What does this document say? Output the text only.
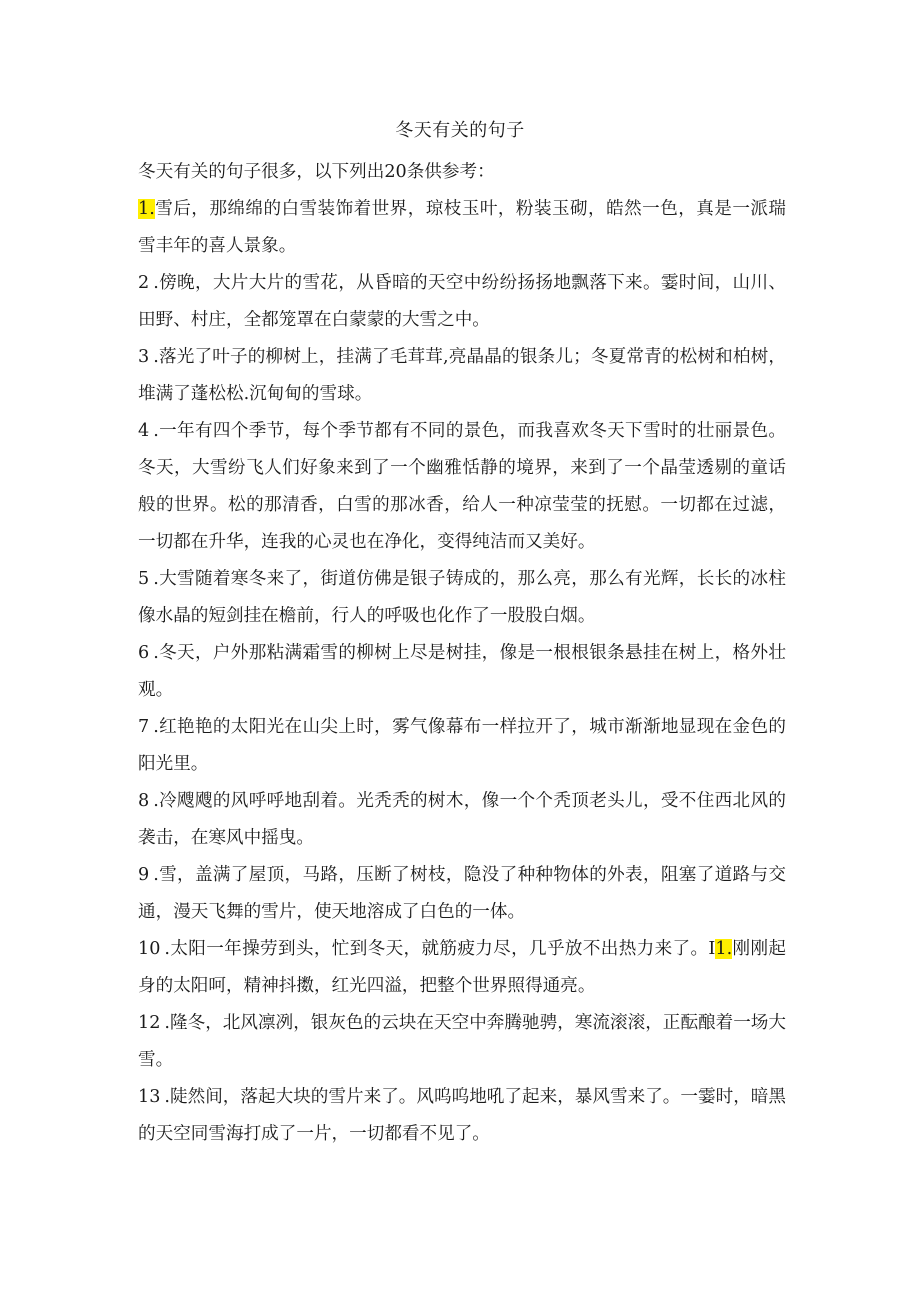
冬天有关的句子

冬天有关的句子很多，以下列出20条供参考：

1.雪后，那绵绵的白雪装饰着世界，琼枝玉叶，粉装玉砌，皓然一色，真是一派瑞雪丰年的喜人景象。

2 .傍晚，大片大片的雪花，从昏暗的天空中纷纷扬扬地飘落下来。霎时间，山川、田野、村庄，全都笼罩在白蒙蒙的大雪之中。

3 .落光了叶子的柳树上，挂满了毛茸茸,亮晶晶的银条儿；冬夏常青的松树和柏树，堆满了蓬松松.沉甸甸的雪球。

4 .一年有四个季节，每个季节都有不同的景色，而我喜欢冬天下雪时的壮丽景色。冬天，大雪纷飞人们好象来到了一个幽雅恬静的境界，来到了一个晶莹透剔的童话般的世界。松的那清香，白雪的那冰香，给人一种凉莹莹的抚慰。一切都在过滤，一切都在升华，连我的心灵也在净化，变得纯洁而又美好。

5 .大雪随着寒冬来了，街道仿佛是银子铸成的，那么亮，那么有光辉，长长的冰柱像水晶的短剑挂在檐前，行人的呼吸也化作了一股股白烟。

6 .冬天，户外那粘满霜雪的柳树上尽是树挂，像是一根根银条悬挂在树上，格外壮观。

7 .红艳艳的太阳光在山尖上时，雾气像幕布一样拉开了，城市渐渐地显现在金色的阳光里。

8 .冷飕飕的风呼呼地刮着。光秃秃的树木，像一个个秃顶老头儿，受不住西北风的袭击，在寒风中摇曳。

9 .雪，盖满了屋顶，马路，压断了树枝，隐没了种种物体的外表，阻塞了道路与交通，漫天飞舞的雪片，使天地溶成了白色的一体。

10 .太阳一年操劳到头，忙到冬天，就筋疲力尽，几乎放不出热力来了。I1.刚刚起身的太阳呵，精神抖擞，红光四溢，把整个世界照得通亮。

12 .隆冬，北风凛冽，银灰色的云块在天空中奔腾驰骋，寒流滚滚，正酝酿着一场大雪。

13 .陡然间，落起大块的雪片来了。风呜呜地吼了起来，暴风雪来了。一霎时，暗黑的天空同雪海打成了一片，一切都看不见了。
